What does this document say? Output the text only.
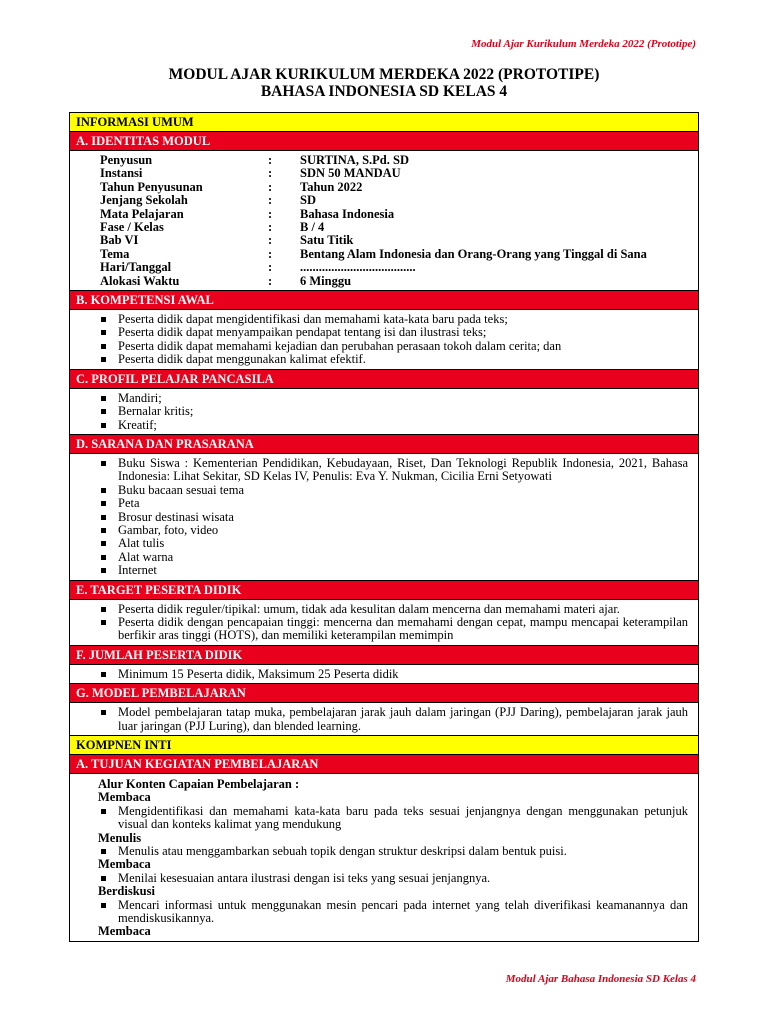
Modul Ajar Kurikulum Merdeka 2022 (Prototipe)
MODUL AJAR KURIKULUM MERDEKA 2022 (PROTOTIPE)
BAHASA INDONESIA SD KELAS 4
INFORMASI UMUM
A. IDENTITAS MODUL
Penyusun	:	SURTINA, S.Pd. SD
Instansi	:	SDN 50 MANDAU
Tahun Penyusunan	:	Tahun 2022
Jenjang Sekolah	:	SD
Mata Pelajaran	:	Bahasa Indonesia
Fase / Kelas	:	B / 4
Bab VI	:	Satu Titik
Tema	:	Bentang Alam Indonesia dan Orang-Orang yang Tinggal di Sana
Hari/Tanggal	:	.....................................
Alokasi Waktu	:	6 Minggu
B. KOMPETENSI AWAL
Peserta didik dapat mengidentifikasi dan memahami kata-kata baru pada teks;
Peserta didik dapat menyampaikan pendapat tentang isi dan ilustrasi teks;
Peserta didik dapat memahami kejadian dan perubahan perasaan tokoh dalam cerita; dan
Peserta didik dapat menggunakan kalimat efektif.
C. PROFIL PELAJAR PANCASILA
Mandiri;
Bernalar kritis;
Kreatif;
D. SARANA DAN PRASARANA
Buku Siswa : Kementerian Pendidikan, Kebudayaan, Riset, Dan Teknologi Republik Indonesia, 2021, Bahasa Indonesia: Lihat Sekitar, SD Kelas IV, Penulis: Eva Y. Nukman, Cicilia Erni Setyowati
Buku bacaan sesuai tema
Peta
Brosur destinasi wisata
Gambar, foto, video
Alat tulis
Alat warna
Internet
E. TARGET PESERTA DIDIK
Peserta didik reguler/tipikal: umum, tidak ada kesulitan dalam mencerna dan memahami materi ajar.
Peserta didik dengan pencapaian tinggi: mencerna dan memahami dengan cepat, mampu mencapai keterampilan berfikir aras tinggi (HOTS), dan memiliki keterampilan memimpin
F. JUMLAH PESERTA DIDIK
Minimum 15 Peserta didik, Maksimum 25 Peserta didik
G. MODEL PEMBELAJARAN
Model pembelajaran tatap muka, pembelajaran jarak jauh dalam jaringan (PJJ Daring), pembelajaran jarak jauh luar jaringan (PJJ Luring), dan blended learning.
KOMPNEN INTI
A. TUJUAN KEGIATAN PEMBELAJARAN
Alur Konten Capaian Pembelajaran :
Membaca
Mengidentifikasi dan memahami kata-kata baru pada teks sesuai jenjangnya dengan menggunakan petunjuk visual dan konteks kalimat yang mendukung
Menulis
Menulis atau menggambarkan sebuah topik dengan struktur deskripsi dalam bentuk puisi.
Membaca
Menilai kesesuaian antara ilustrasi dengan isi teks yang sesuai jenjangnya.
Berdiskusi
Mencari informasi untuk menggunakan mesin pencari pada internet yang telah diverifikasi keamanannya dan mendiskusikannya.
Membaca
Modul Ajar Bahasa Indonesia SD Kelas 4
